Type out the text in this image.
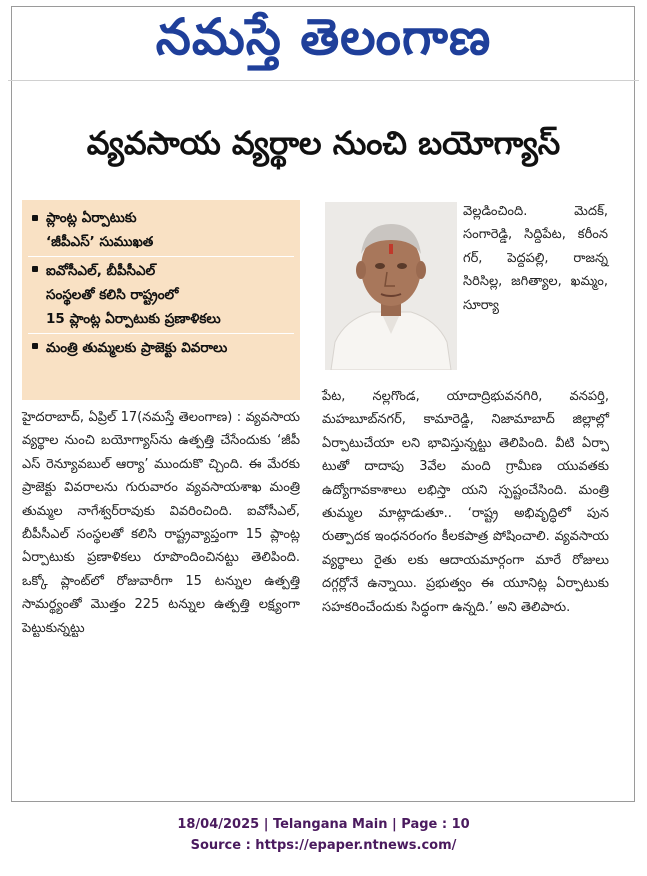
నమస్తే తెలంగాణ
వ్యవసాయ వ్యర్థాల నుంచి బయోగ్యాస్
ప్లాంట్ల ఏర్పాటుకు
‘జీపీఎస్’ సుముఖత
ఐవోసీఎల్, బీపీసీఎల్
సంస్థలతో కలిసి రాష్ట్రంలో
15 ప్లాంట్ల ఏర్పాటుకు ప్రణాళికలు
మంత్రి తుమ్మలకు ప్రాజెక్టు వివరాలు
వెల్లడించింది. మెదక్, సంగారెడ్డి, సిద్దిపేట, కరీంన గర్, పెద్దపల్లి, రాజన్న సిరిసిల్ల, జగిత్యాల, ఖమ్మం, సూర్యా
హైదరాబాద్, ఏప్రిల్ 17(నమస్తే తెలంగాణ) : వ్యవసాయ వ్యర్థాల నుంచి బయోగ్యాస్‌ను ఉత్పత్తి చేసేందుకు ‘జీపీ ఎస్ రెన్యూవబుల్ ఆర్యా’ ముందుకొ చ్చింది. ఈ మేరకు ప్రాజెక్టు వివరాలను గురువారం వ్యవసాయశాఖ మంత్రి తుమ్మల నాగేశ్వర్‌రావుకు వివరించింది. ఐవోసీఎల్, బీపీసీఎల్ సంస్థలతో కలిసి రాష్ట్రవ్యాప్తంగా 15 ప్లాంట్ల ఏర్పాటుకు ప్రణాళికలు రూపొందించినట్టు తెలిపింది. ఒక్కో ప్లాంట్‌లో రోజువారీగా 15 టన్నుల ఉత్పత్తి సామర్థ్యంతో మొత్తం 225 టన్నుల ఉత్పత్తి లక్ష్యంగా పెట్టుకున్నట్టు
పేట, నల్లగొండ, యాదాద్రిభువనగిరి, వనపర్తి, మహబూబ్‌నగర్, కామారెడ్డి, నిజామాబాద్ జిల్లాల్లో ఏర్పాటుచేయా లని భావిస్తున్నట్టు తెలిపింది. వీటి ఏర్పా టుతో దాదాపు 3వేల మంది గ్రామీణ యువతకు ఉద్యోగావకాశాలు లభిస్తా యని స్పష్టంచేసింది. మంత్రి తుమ్మల మాట్లాడుతూ.. ‘రాష్ట్ర అభివృద్ధిలో పున రుత్పాదక ఇంధనరంగం కీలకపాత్ర పోషించాలి. వ్యవసాయ వ్యర్థాలు రైతు లకు ఆదాయమార్గంగా మారే రోజులు దగ్గర్లోనే ఉన్నాయి. ప్రభుత్వం ఈ యూనిట్ల ఏర్పాటుకు సహకరించేందుకు సిద్ధంగా ఉన్నది.’ అని తెలిపారు.
18/04/2025 | Telangana Main | Page : 10
Source : https://epaper.ntnews.com/
